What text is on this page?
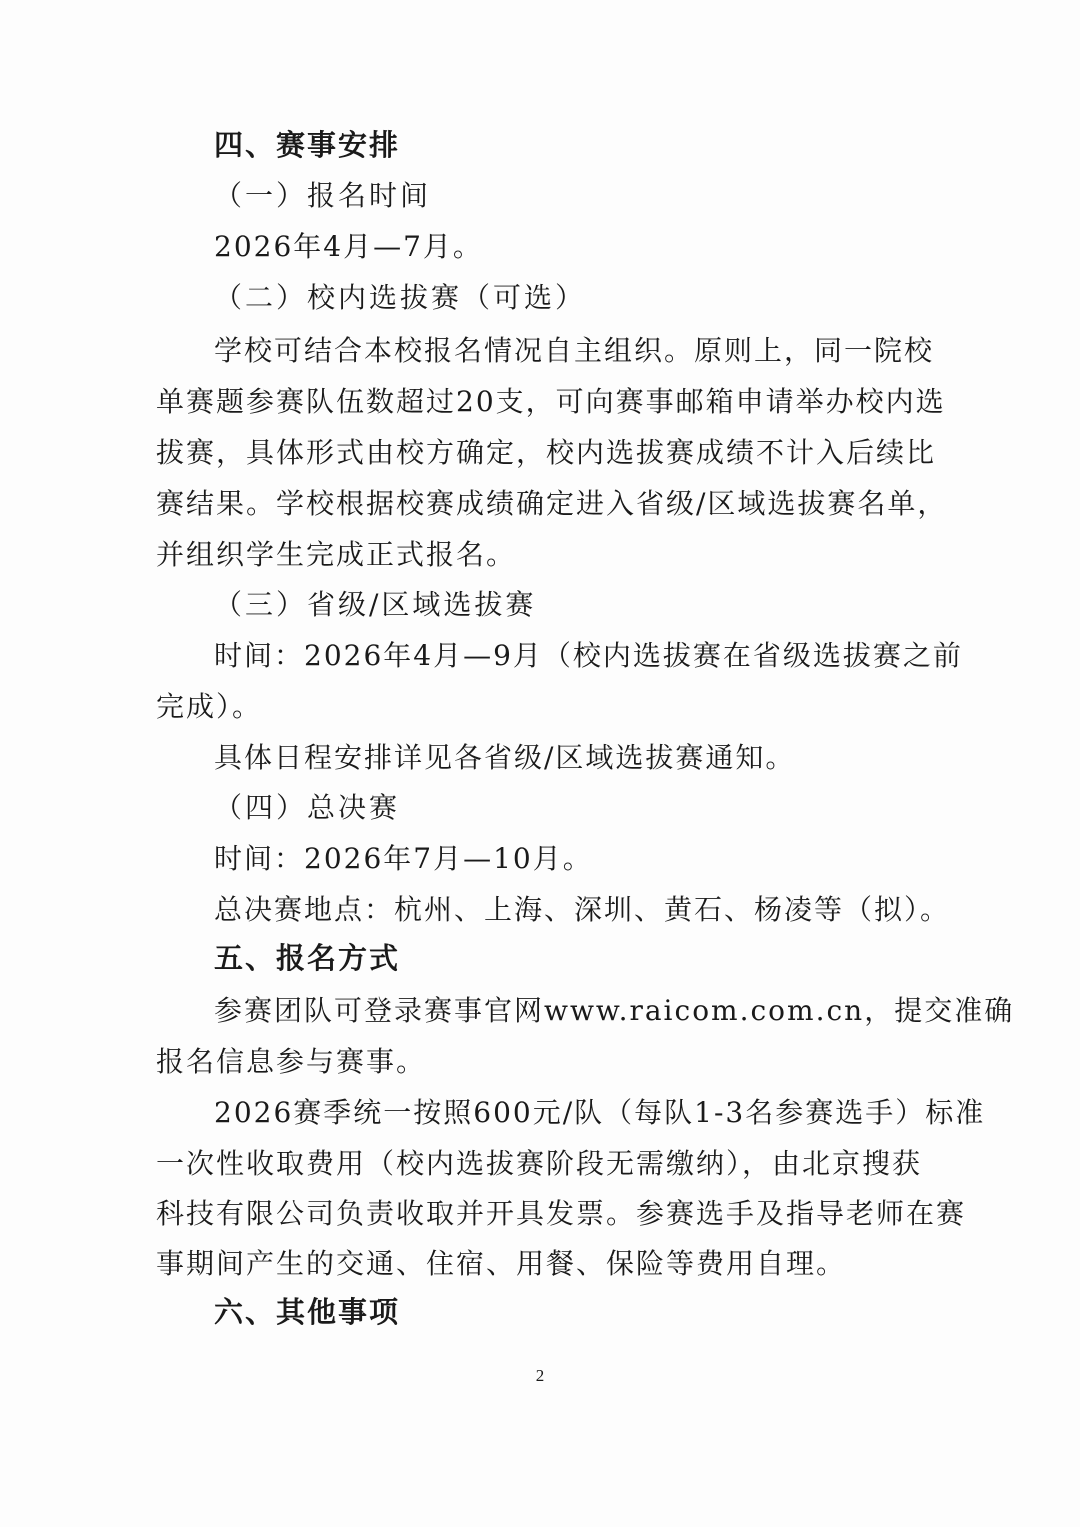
四、赛事安排
（一）报名时间
2026年4月—7月。
（二）校内选拔赛（可选）
学校可结合本校报名情况自主组织。原则上，同一院校
单赛题参赛队伍数超过20支，可向赛事邮箱申请举办校内选
拔赛，具体形式由校方确定，校内选拔赛成绩不计入后续比
赛结果。学校根据校赛成绩确定进入省级/区域选拔赛名单，
并组织学生完成正式报名。
（三）省级/区域选拔赛
时间：2026年4月—9月（校内选拔赛在省级选拔赛之前
完成）。
具体日程安排详见各省级/区域选拔赛通知。
（四）总决赛
时间：2026年7月—10月。
总决赛地点：杭州、上海、深圳、黄石、杨凌等（拟）。
五、报名方式
参赛团队可登录赛事官网www.raicom.com.cn，提交准确
报名信息参与赛事。
2026赛季统一按照600元/队（每队1-3名参赛选手）标准
一次性收取费用（校内选拔赛阶段无需缴纳），由北京搜获
科技有限公司负责收取并开具发票。参赛选手及指导老师在赛
事期间产生的交通、住宿、用餐、保险等费用自理。
六、其他事项
2
